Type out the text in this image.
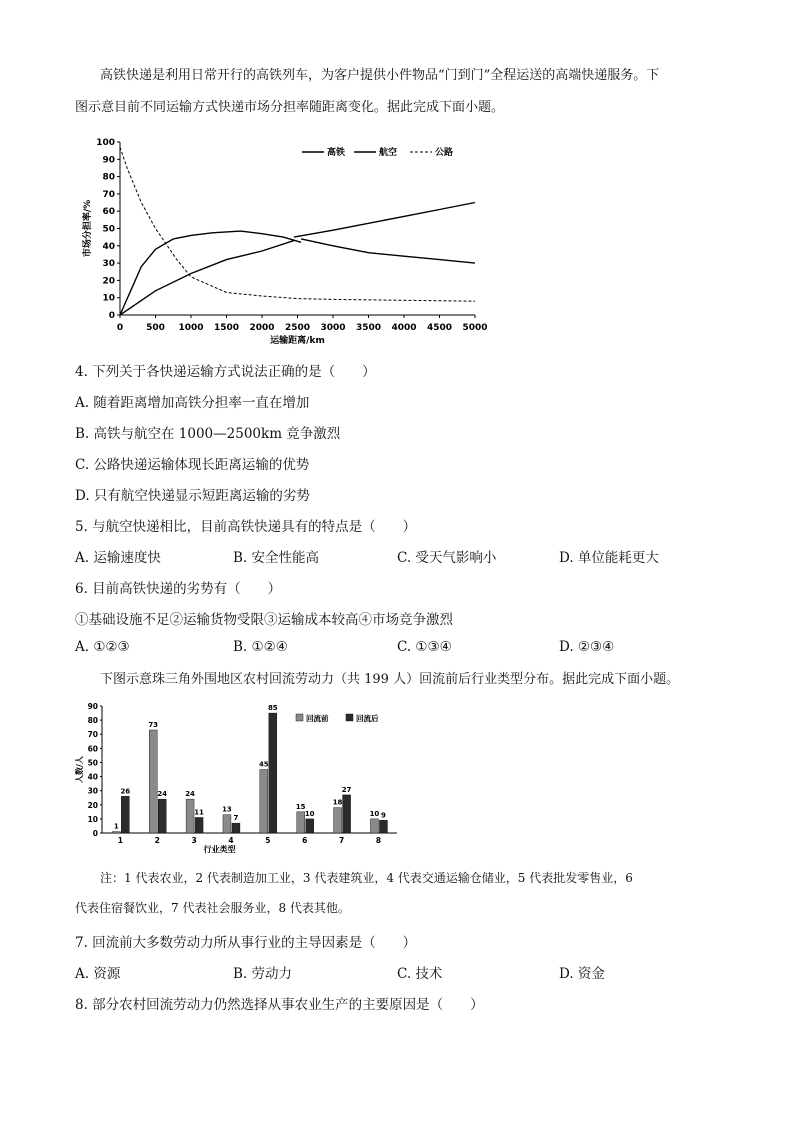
高铁快递是利用日常开行的高铁列车，为客户提供小件物品“门到门”全程运送的高端快递服务。下
图示意目前不同运输方式快递市场分担率随距离变化。据此完成下面小题。
0	500 1000 1500 2000 2500 3000 3500 4000 4500 5000
0
10
20
30
40
50
60
70
80
90
100
运输距离/km
市场分担率/%
高铁	航空	公路
4. 下列关于各快递运输方式说法正确的是（　　）
A. 随着距离增加高铁分担率一直在增加
B. 高铁与航空在 1000—2500km 竞争激烈
C. 公路快递运输体现长距离运输的优势
D. 只有航空快递显示短距离运输的劣势
5. 与航空快递相比，目前高铁快递具有的特点是（　　）
A. 运输速度快	B. 安全性能高	C. 受天气影响小	D. 单位能耗更大
6. 目前高铁快递的劣势有（　　）
①基础设施不足②运输货物受限③运输成本较高④市场竞争激烈
A. ①②③	B. ①②④	C. ①③④	D. ②③④
下图示意珠三角外围地区农村回流劳动力（共 199 人）回流前后行业类型分布。据此完成下面小题。
0
10
20
30
40
50
60
70
80
90
人数/人
行业类型
1
26
1
73
24
2
24
11
3
13
7
4
45
85
5
15
10
6
18
27
7
10 9
8
回流前	回流后
注：1 代表农业，2 代表制造加工业，3 代表建筑业，4 代表交通运输仓储业，5 代表批发零售业，6
代表住宿餐饮业，7 代表社会服务业，8 代表其他。
7. 回流前大多数劳动力所从事行业的主导因素是（　　）
A. 资源	B. 劳动力	C. 技术	D. 资金
8. 部分农村回流劳动力仍然选择从事农业生产的主要原因是（　　）
